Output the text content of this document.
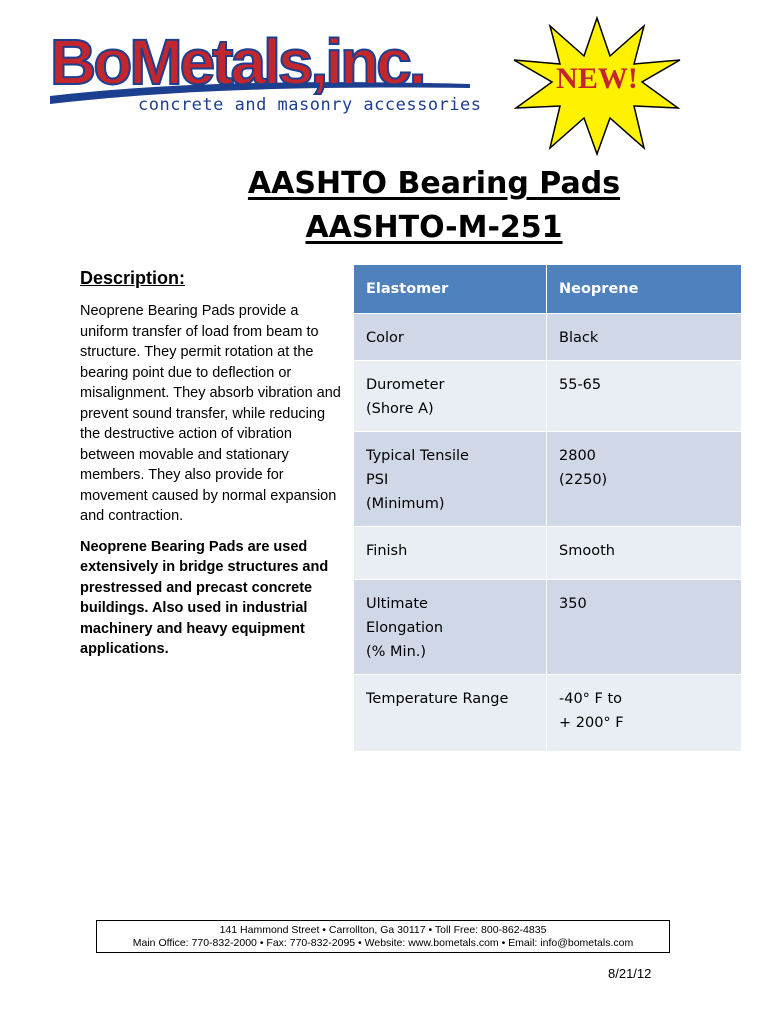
BoMetals,inc.
concrete and masonry accessories
NEW!
AASHTO Bearing Pads
AASHTO-M-251

Description:

Neoprene Bearing Pads provide a uniform transfer of load from beam to structure. They permit rotation at the bearing point due to deflection or misalignment. They absorb vibration and prevent sound transfer, while reducing the destructive action of vibration between movable and stationary members. They also provide for movement caused by normal expansion and contraction.

Neoprene Bearing Pads are used extensively in bridge structures and prestressed and precast concrete buildings. Also used in industrial machinery and heavy equipment applications.

Elastomer	Neoprene

Color	Black

Durometer
(Shore A)	55-65

Typical Tensile
PSI
(Minimum)	2800
(2250)

Finish	Smooth

Ultimate
Elongation
(% Min.)	350

Temperature Range	-40° F to
+ 200° F
141 Hammond Street • Carrollton, Ga 30117 • Toll Free: 800-862-4835
Main Office: 770-832-2000 • Fax: 770-832-2095 • Website: www.bometals.com • Email: info@bometals.com
8/21/12
